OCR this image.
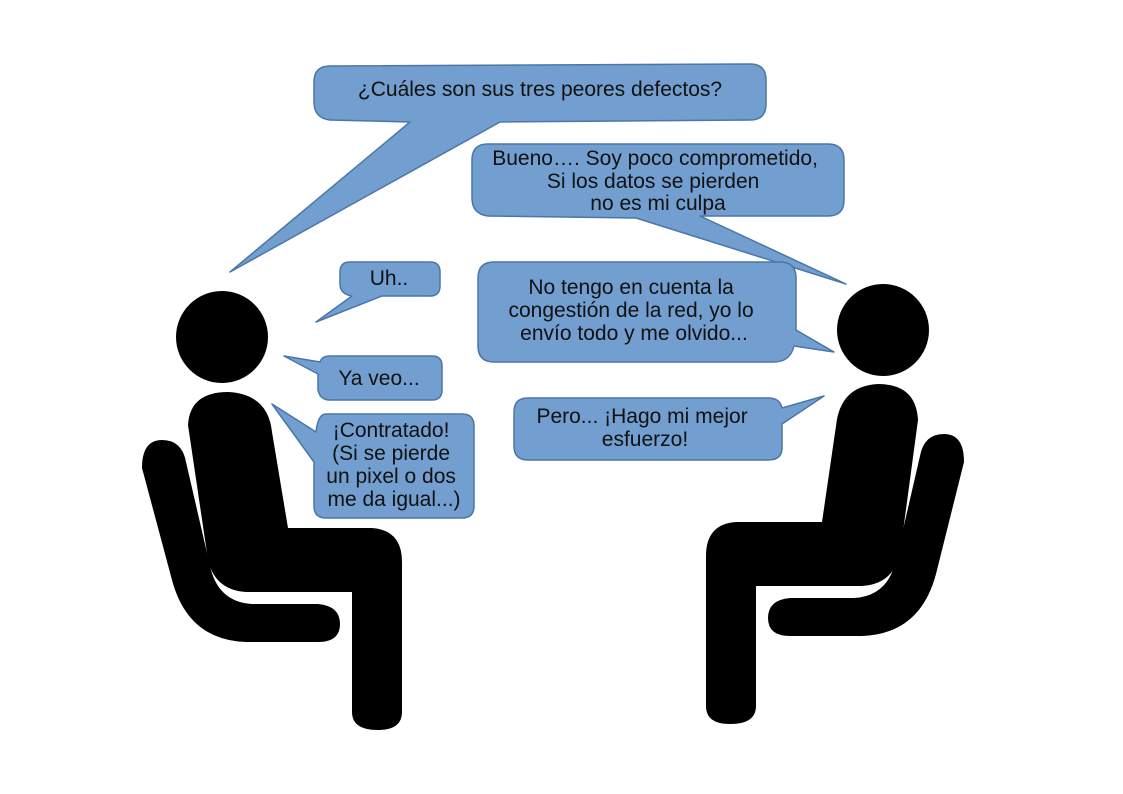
¿Cuáles son sus tres peores defectos?
Bueno…. Soy poco comprometido, Si los datos se pierden no es mi culpa
Uh..	No tengo en cuenta la congestión de la red, yo lo envío todo y me olvido...
Ya veo...
Pero... ¡Hago mi mejor esfuerzo!
¡Contratado! (Si se pierde un pixel o dos me da igual...)
